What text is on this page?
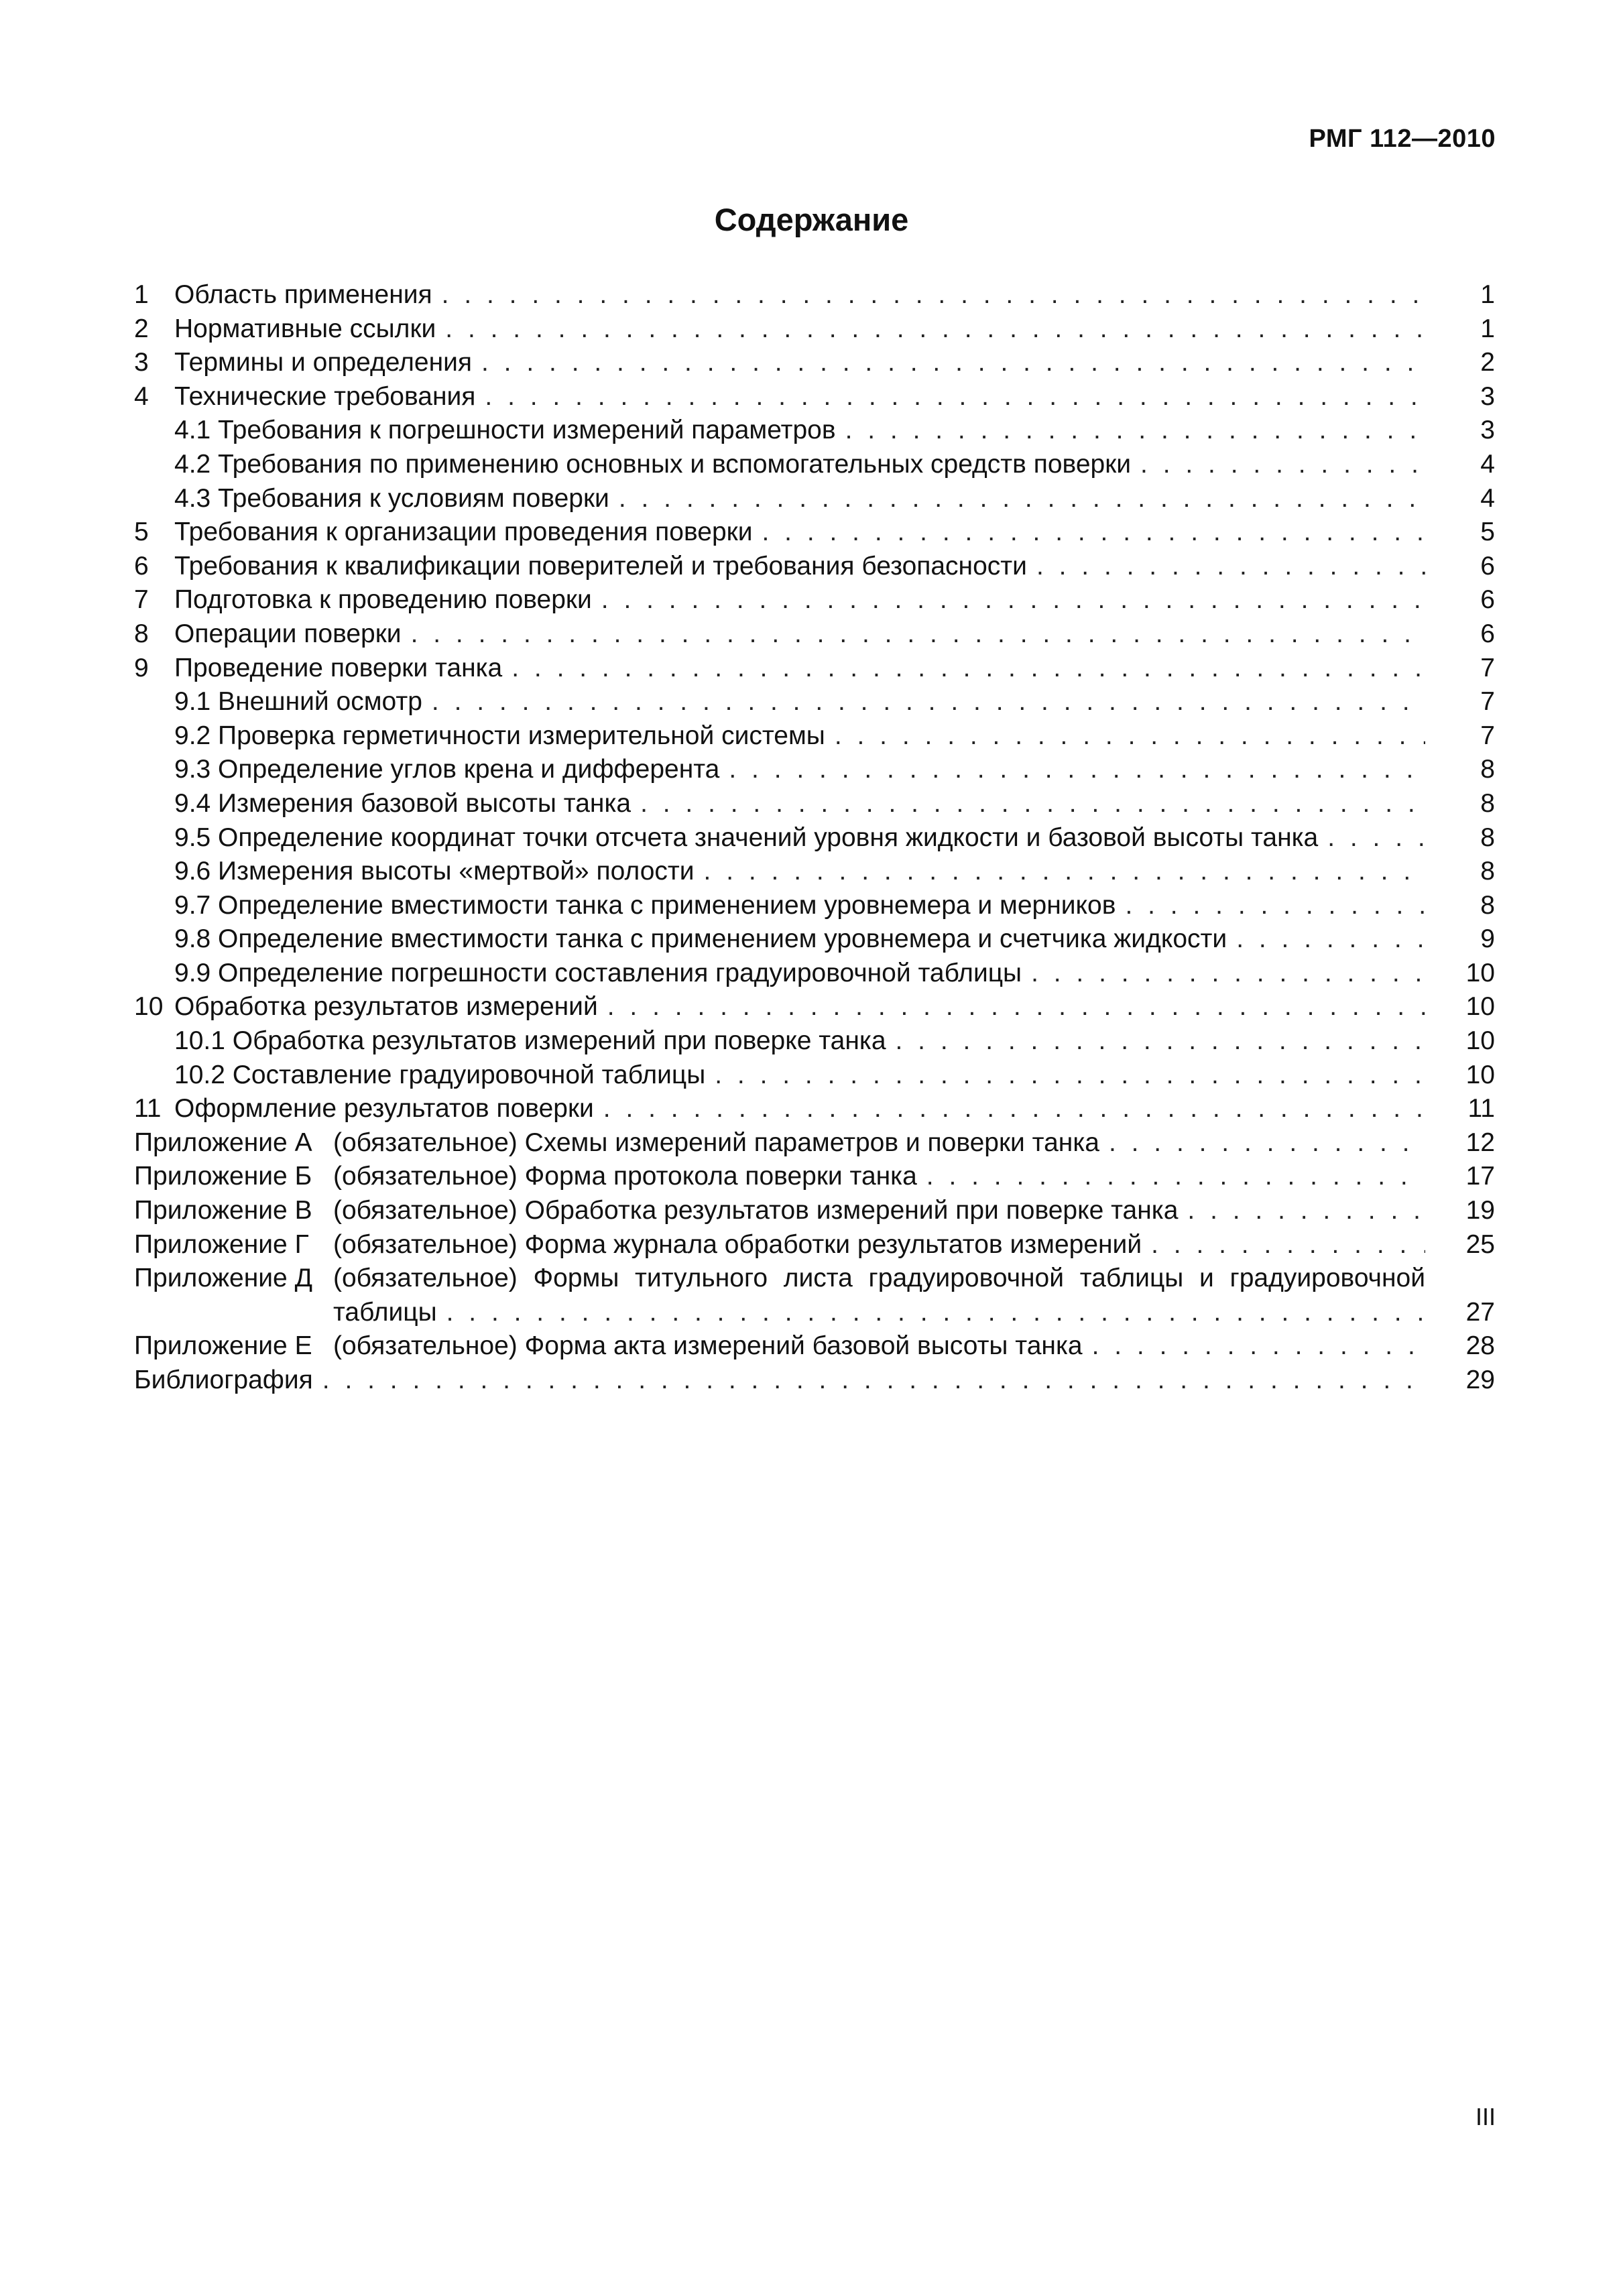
РМГ 112—2010
Содержание
1 Область применения . . .	1
2 Нормативные ссылки . . .	1
3 Термины и определения . . .	2
4 Технические требования . . .	3
4.1 Требования к погрешности измерений параметров . . .	3
4.2 Требования по применению основных и вспомогательных средств поверки . . .	4
4.3 Требования к условиям поверки . . .	4
5 Требования к организации проведения поверки . . .	5
6 Требования к квалификации поверителей и требования безопасности . . .	6
7 Подготовка к проведению поверки . . .	6
8 Операции поверки . . .	6
9 Проведение поверки танка . . .	7
9.1 Внешний осмотр . . .	7
9.2 Проверка герметичности измерительной системы . . .	7
9.3 Определение углов крена и дифферента . . .	8
9.4 Измерения базовой высоты танка . . .	8
9.5 Определение координат точки отсчета значений уровня жидкости и базовой высоты танка . . .	8
9.6 Измерения высоты «мертвой» полости . . .	8
9.7 Определение вместимости танка с применением уровнемера и мерников . . .	8
9.8 Определение вместимости танка с применением уровнемера и счетчика жидкости . . .	9
9.9 Определение погрешности составления градуировочной таблицы . . .	10
10 Обработка результатов измерений . . .	10
10.1 Обработка результатов измерений при поверке танка . . .	10
10.2 Составление градуировочной таблицы . . .	10
11 Оформление результатов поверки . . .	11
Приложение А (обязательное) Схемы измерений параметров и поверки танка . . .	12
Приложение Б (обязательное) Форма протокола поверки танка . . .	17
Приложение В (обязательное) Обработка результатов измерений при поверке танка . . .	19
Приложение Г (обязательное) Форма журнала обработки результатов измерений . . .	25
Приложение Д (обязательное) Формы титульного листа градуировочной таблицы и градуировочной
таблицы . . .	27
Приложение Е (обязательное) Форма акта измерений базовой высоты танка . . .	28
Библиография . . .	29
III
